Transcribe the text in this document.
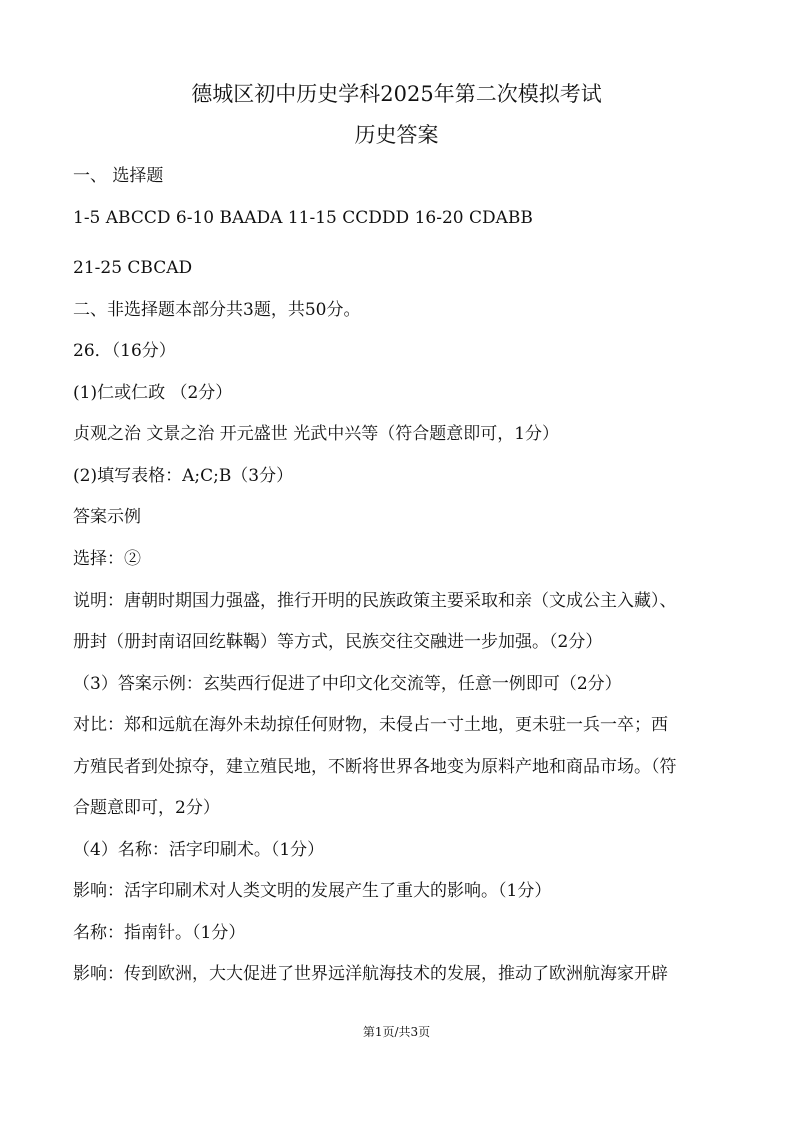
德城区初中历史学科2025年第二次模拟考试
历史答案
一、 选择题
1-5 ABCCD 6-10 BAADA 11-15 CCDDD 16-20 CDABB
21-25 CBCAD
二、非选择题本部分共3题，共50分。
26．（16分）
(1)仁或仁政 （2分）
贞观之治 文景之治 开元盛世 光武中兴等（符合题意即可，1分）
(2)填写表格：A;C;B（3分）
答案示例
选择：②
说明：唐朝时期国力强盛，推行开明的民族政策主要采取和亲（文成公主入藏）、
册封（册封南诏回纥靺鞨）等方式，民族交往交融进一步加强。（2分）
（3）答案示例：玄奘西行促进了中印文化交流等，任意一例即可（2分）
对比：郑和远航在海外未劫掠任何财物，未侵占一寸土地，更未驻一兵一卒；西
方殖民者到处掠夺，建立殖民地，不断将世界各地变为原料产地和商品市场。（符
合题意即可，2分）
（4）名称：活字印刷术。（1分）
影响：活字印刷术对人类文明的发展产生了重大的影响。（1分）
名称：指南针。（1分）
影响：传到欧洲，大大促进了世界远洋航海技术的发展，推动了欧洲航海家开辟
第1页/共3页
